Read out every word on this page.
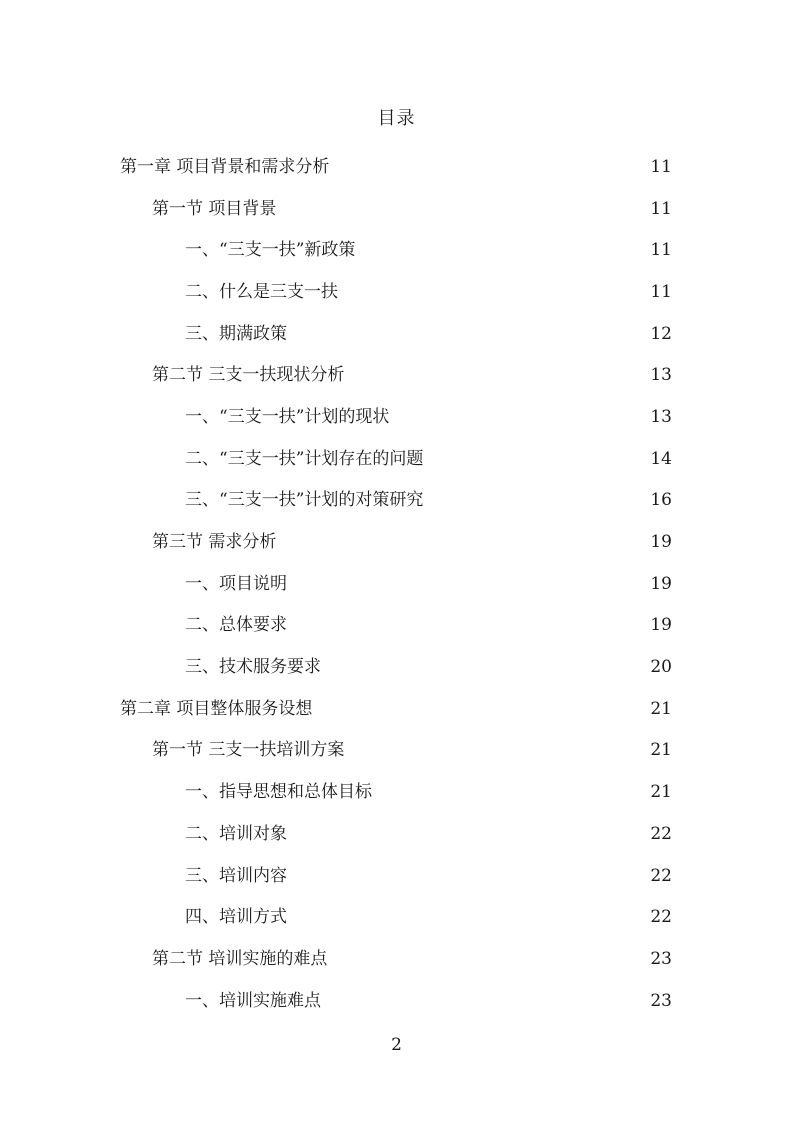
目录
第一章 项目背景和需求分析	11
第一节 项目背景	11
一、“三支一扶”新政策	11
二、什么是三支一扶	11
三、期满政策	12
第二节 三支一扶现状分析	13
一、“三支一扶”计划的现状	13
二、“三支一扶”计划存在的问题	14
三、“三支一扶”计划的对策研究	16
第三节 需求分析	19
一、项目说明	19
二、总体要求	19
三、技术服务要求	20
第二章 项目整体服务设想	21
第一节 三支一扶培训方案	21
一、指导思想和总体目标	21
二、培训对象	22
三、培训内容	22
四、培训方式	22
第二节 培训实施的难点	23
一、培训实施难点	23
2
